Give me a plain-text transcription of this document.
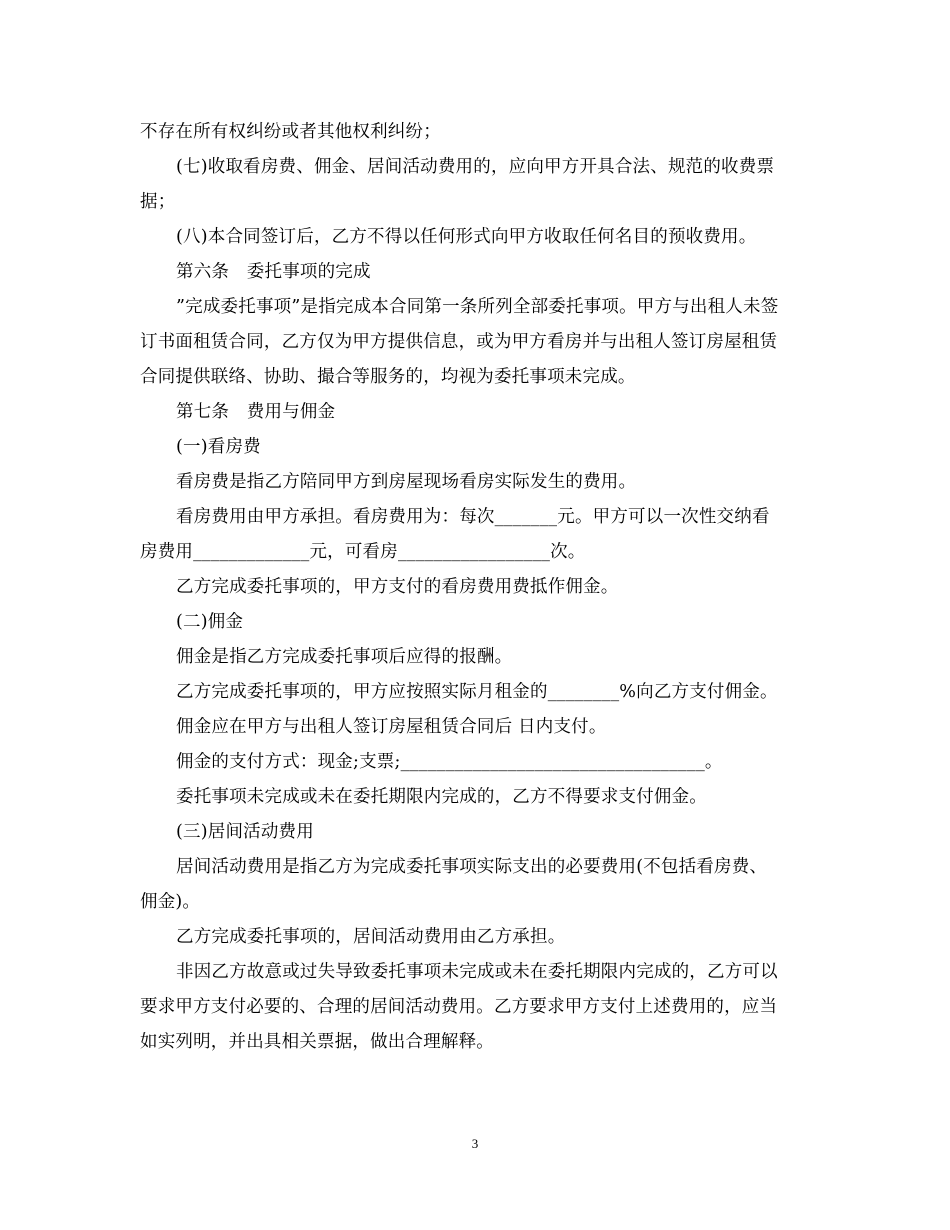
不存在所有权纠纷或者其他权利纠纷；
(七)收取看房费、佣金、居间活动费用的，应向甲方开具合法、规范的收费票
据；
(八)本合同签订后，乙方不得以任何形式向甲方收取任何名目的预收费用。
第六条　委托事项的完成
”完成委托事项”是指完成本合同第一条所列全部委托事项。甲方与出租人未签
订书面租赁合同，乙方仅为甲方提供信息，或为甲方看房并与出租人签订房屋租赁
合同提供联络、协助、撮合等服务的，均视为委托事项未完成。
第七条　费用与佣金
(一)看房费
看房费是指乙方陪同甲方到房屋现场看房实际发生的费用。
看房费用由甲方承担。看房费用为：每次_______元。甲方可以一次性交纳看
房费用_____________元，可看房_________________次。
乙方完成委托事项的，甲方支付的看房费用费抵作佣金。
(二)佣金
佣金是指乙方完成委托事项后应得的报酬。
乙方完成委托事项的，甲方应按照实际月租金的________%向乙方支付佣金。
佣金应在甲方与出租人签订房屋租赁合同后 日内支付。
佣金的支付方式：现金;支票;__________________________________。
委托事项未完成或未在委托期限内完成的，乙方不得要求支付佣金。
(三)居间活动费用
居间活动费用是指乙方为完成委托事项实际支出的必要费用(不包括看房费、
佣金)。
乙方完成委托事项的，居间活动费用由乙方承担。
非因乙方故意或过失导致委托事项未完成或未在委托期限内完成的，乙方可以
要求甲方支付必要的、合理的居间活动费用。乙方要求甲方支付上述费用的，应当
如实列明，并出具相关票据，做出合理解释。
3
